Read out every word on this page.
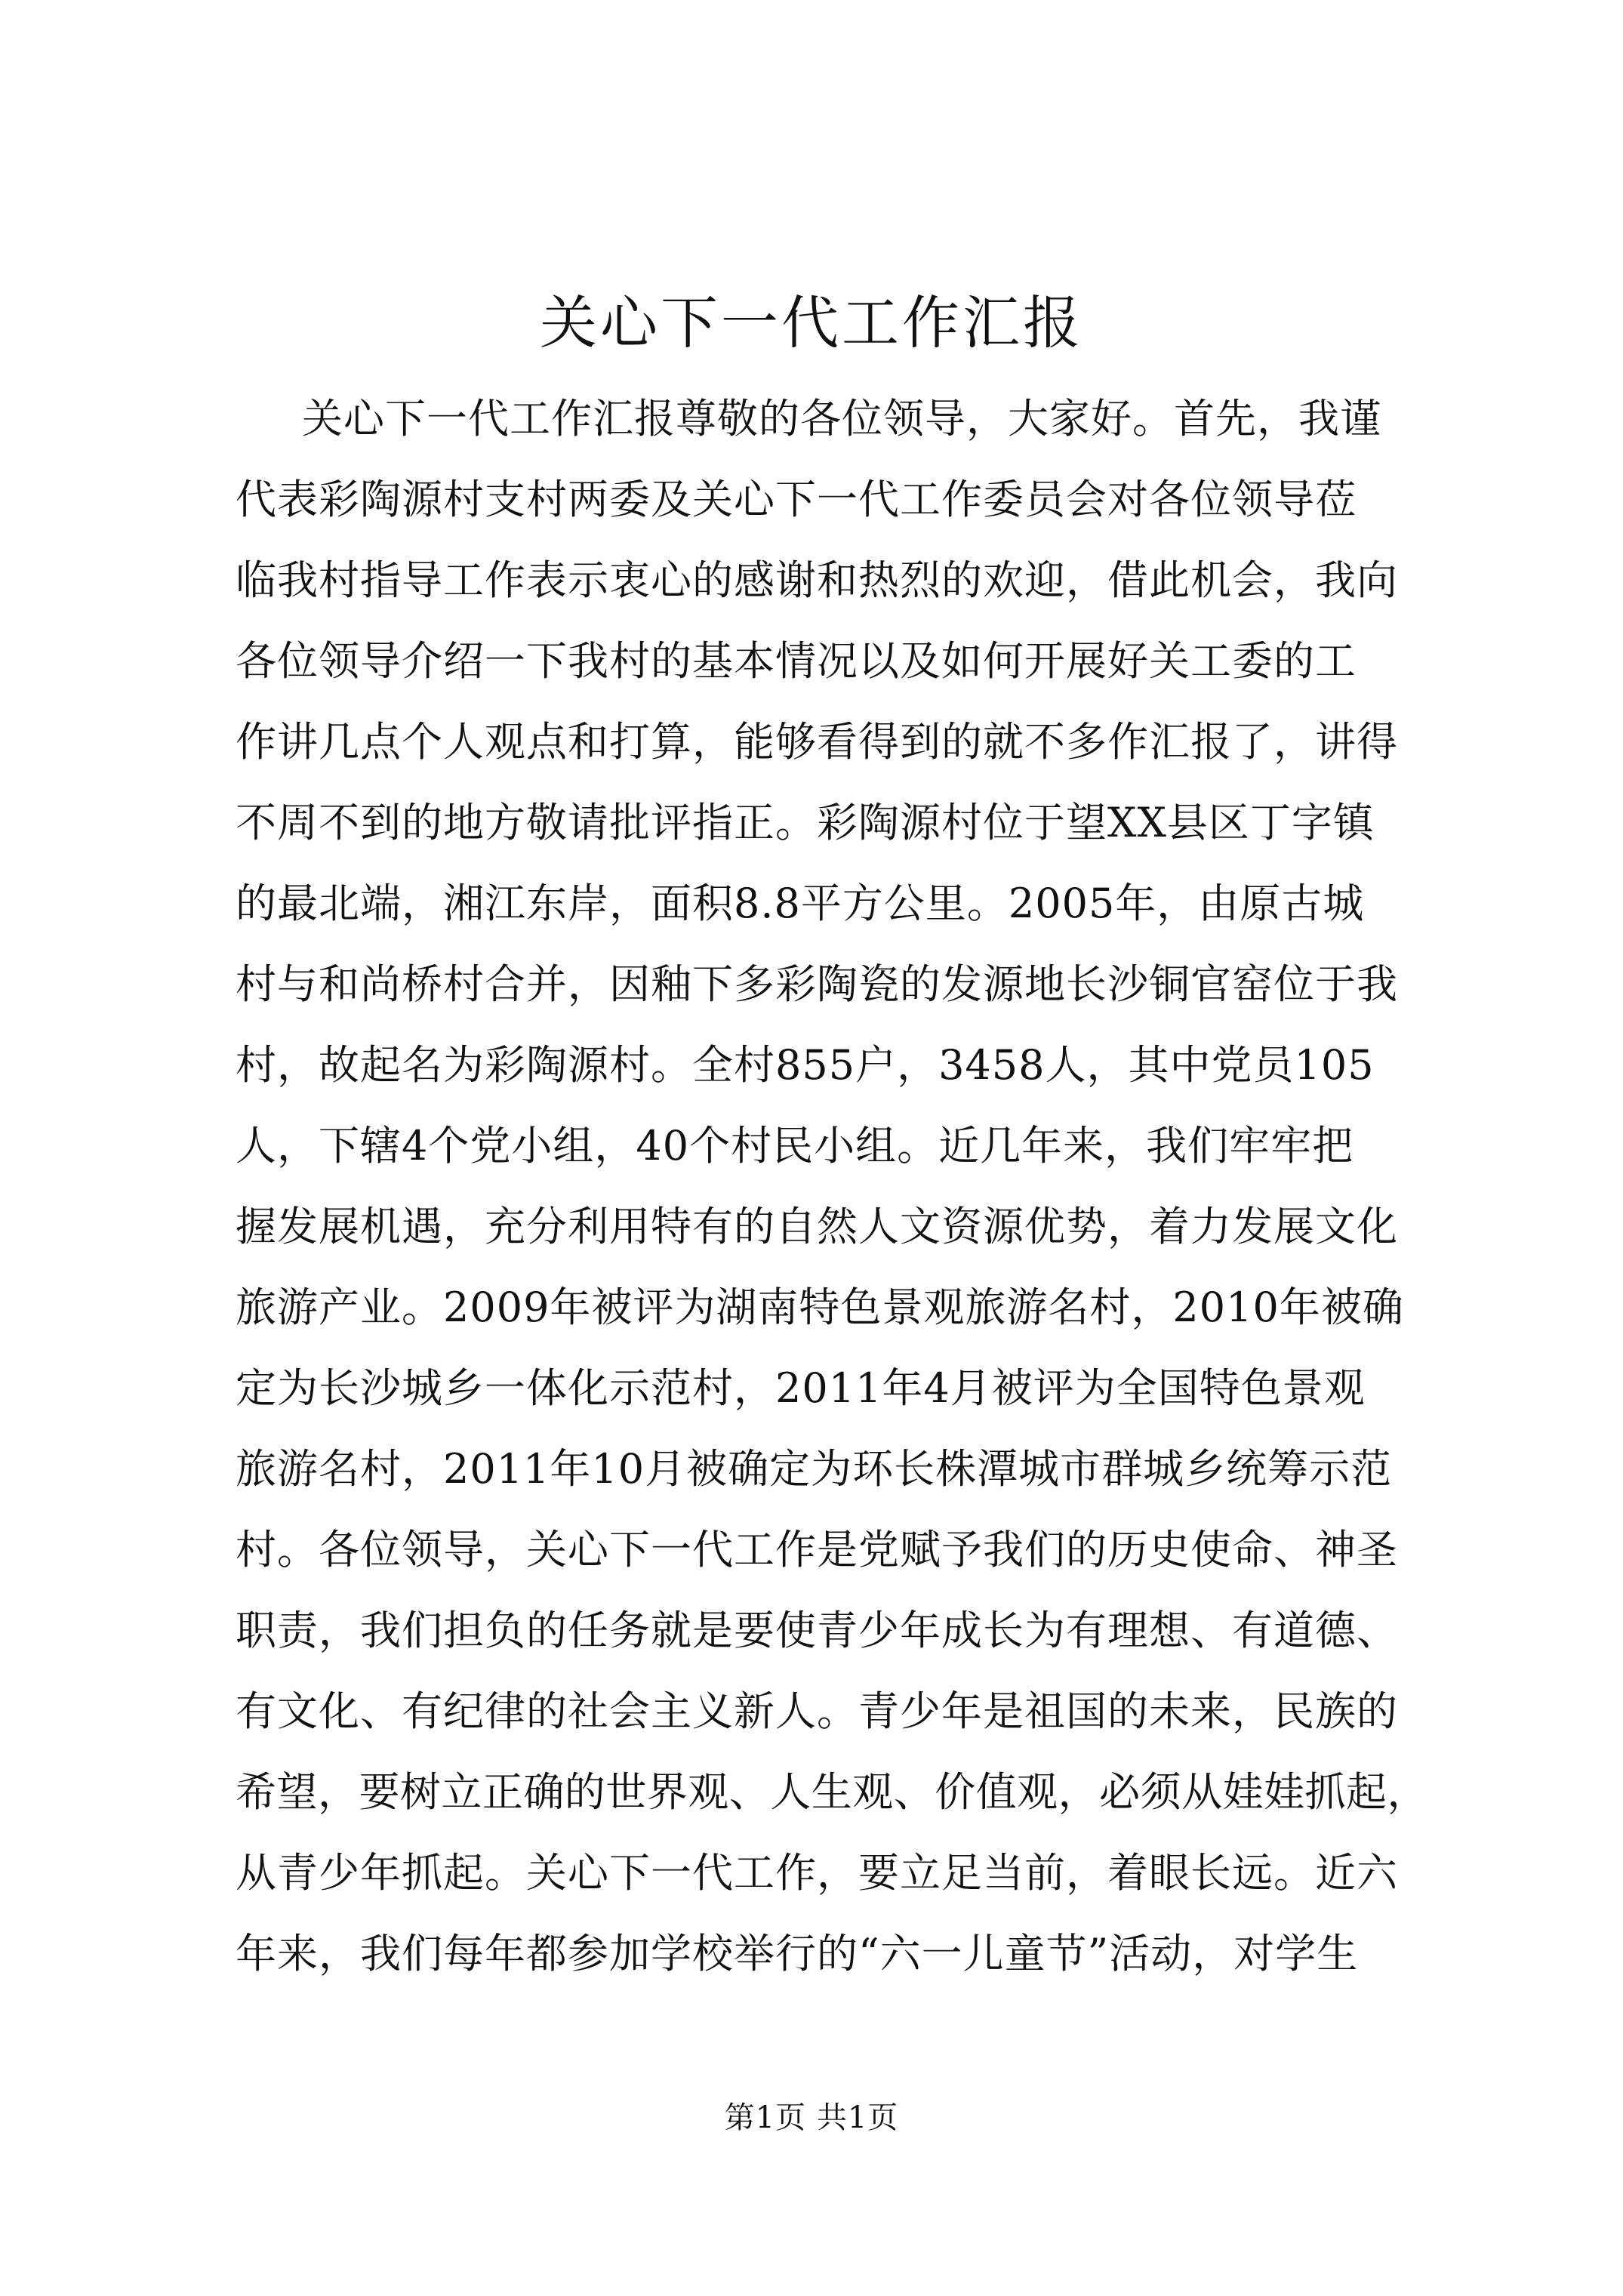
关心下一代工作汇报
关心下一代工作汇报尊敬的各位领导，大家好。首先，我谨
代表彩陶源村支村两委及关心下一代工作委员会对各位领导莅
临我村指导工作表示衷心的感谢和热烈的欢迎，借此机会，我向
各位领导介绍一下我村的基本情况以及如何开展好关工委的工
作讲几点个人观点和打算，能够看得到的就不多作汇报了，讲得
不周不到的地方敬请批评指正。彩陶源村位于望XX县区丁字镇
的最北端，湘江东岸，面积8.8平方公里。2005年，由原古城
村与和尚桥村合并，因釉下多彩陶瓷的发源地长沙铜官窑位于我
村，故起名为彩陶源村。全村855户，3458人，其中党员105
人，下辖4个党小组，40个村民小组。近几年来，我们牢牢把
握发展机遇，充分利用特有的自然人文资源优势，着力发展文化
旅游产业。2009年被评为湖南特色景观旅游名村，2010年被确
定为长沙城乡一体化示范村，2011年4月被评为全国特色景观
旅游名村，2011年10月被确定为环长株潭城市群城乡统筹示范
村。各位领导，关心下一代工作是党赋予我们的历史使命、神圣
职责，我们担负的任务就是要使青少年成长为有理想、有道德、
有文化、有纪律的社会主义新人。青少年是祖国的未来，民族的
希望，要树立正确的世界观、人生观、价值观，必须从娃娃抓起，
从青少年抓起。关心下一代工作，要立足当前，着眼长远。近六
年来，我们每年都参加学校举行的“六一儿童节”活动，对学生
第1页 共1页
